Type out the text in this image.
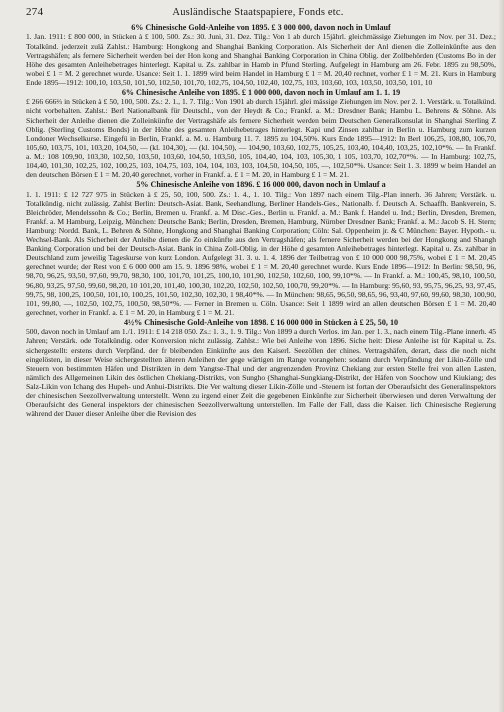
274	Ausländische Staatspapiere, Fonds etc.

6% Chinesische Gold-Anleihe von 1895. £ 3 000 000, davon noch in Umlauf

1. Jan. 1911: £ 800 000, in Stücken à £ 100, 500. Zs.: 30. Juni, 31. Dez. Tilg.: Von 1 ab durch 15jährl. gleichmässige Ziehungen im Nov. per 31. Dez.; Totalkünd. jederzeit zulä Zahlst.: Hamburg: Hongkong and Shanghai Banking Corporation. Als Sicherheit der Anl dienen die Zolleinkünfte aus den Vertragshäfen; als fernere Sicherheit werden bei der Hon kong and Shanghai Banking Corporation in China Oblig. der Zollbehörden (Customs Bo in der Höhe des gesamten Anleihebetrages hinterlegt. Kapital u. Zs. zahlbar in Hamb in Pfund Sterling. Aufgelegt in Hamburg am 26. Febr. 1895 zu 98,50%, wobei £ 1 = M. 2 gerechnet wurde. Usance: Seit 1. 1. 1899 wird beim Handel in Hamburg £ 1 = M. 20,40 rechnet, vorher £ 1 = M. 21. Kurs in Hamburg Ende 1895—1912: 100,10, 103,50, 101,50, 102,50, 101,70, 102,75, 104,50, 102,40, 102,75, 103, 103,60, 103, 103,50, 103,50, 101, 10

6% Chinesische Anleihe von 1895. £ 1 000 000, davon noch in Umlauf am 1. 1. 19

£ 266 666⅔ in Stücken à £ 50, 100, 500. Zs.: 2. 1., 1. 7. Tilg.: Von 1901 ab durch 15jährl. glei mässige Ziehungen im Nov. per 2. 1. Verstärk. u. Totalkünd. nicht vorbehalten. Zahlst.: Berl Nationalbank für Deutschl., von der Heydt & Co.; Frankf. a. M.: Dresdner Bank; Hambu L. Behrens & Söhne. Als Sicherheit der Anleihe dienen die Zolleinkünfte der Vertragshäfe als fernere Sicherheit werden beim Deutschen Generalkonsulat in Shanghai Sterling Z Oblig. (Sterling Customs Bonds) in der Höhe des gesamten Anleihebetrages hinterlegt. Kapi und Zinsen zahlbar in Berlin u. Hamburg zum kurzen Londoner Wechselkurse. Eingefü in Berlin, Frankf. a. M. u. Hamburg 11. 7. 1895 zu 104,50%. Kurs Ende 1895—1912: In Berl 106,25, 108,80, 106,70, 105,60, 103,75, 101, 103,20, 104,50, — (kl. 104,30), — (kl. 104,50), — 104,90, 103,60, 102,75, 105,25, 103,40, 104,40, 103,25, 102,10*%. — In Frankf. a. M.: 108 109,90, 103,30, 102,50, 103,50, 103,60, 104,50, 103,50, 105, 104,40, 104, 103, 105,30, 1 105, 103,70, 102,70*%. — In Hamburg: 102,75, 104,40, 101,30, 102,25, 102, 100,25, 103, 104,75, 103, 104, 104, 103, 103, 104,50, 104,50, 105, —, 102,50*%. Usance: Seit 1. 3. 1899 w beim Handel an den deutschen Börsen £ 1 = M. 20,40 gerechnet, vorher in Frankf. a. £ 1 = M. 20, in Hamburg £ 1 = M. 21.

5% Chinesische Anleihe von 1896. £ 16 000 000, davon noch in Umlauf a

1. 1. 1911: £ 12 727 975 in Stücken à £ 25, 50, 100, 500. Zs.: 1. 4., 1. 10. Tilg.: Von 1897 nach einem Tilg.-Plan innerh. 36 Jahren; Verstärk. u. Totalkündig. nicht zulässig. Zahlst Berlin: Deutsch-Asiat. Bank, Seehandlung, Berliner Handels-Ges., Nationalb. f. Deutsch A. Schaaffh. Bankverein, S. Bleichröder, Mendelssohn & Co.; Berlin, Bremen u. Frankf. a. M Disc.-Ges., Berlin u. Frankf. a. M.: Bank f. Handel u. Ind.; Berlin, Dresden, Bremen, Frankf. a. M Hamburg, Leipzig, München: Deutsche Bank; Berlin, Dresden, Bremen, Hamburg, Nürnber Dresdner Bank; Frankf. a. M.: Jacob S. H. Stern; Hamburg: Nordd. Bank, L. Behren & Söhne, Hongkong and Shanghai Banking Corporation; Cöln: Sal. Oppenheim jr. & C München: Bayer. Hypoth.- u. Wechsel-Bank. Als Sicherheit der Anleihe dienen die Zo einkünfte aus den Vertragshäfen; als fernere Sicherheit werden bei der Hongkong and Shangh Banking Corporation und bei der Deutsch-Asiat. Bank in China Zoll-Oblig. in der Höhe d gesamten Anleihebetrages hinterlegt. Kapital u. Zs. zahlbar in Deutschland zum jeweilig Tageskurse von kurz London. Aufgelegt 31. 3. u. 1. 4. 1896 der Teilbetrag von £ 10 000 000 98,75%, wobei £ 1 = M. 20,45 gerechnet wurde; der Rest von £ 6 000 000 am 15. 9. 1896 98%, wobei £ 1 = M. 20,40 gerechnet wurde. Kurs Ende 1896—1912: In Berlin: 98,50, 96, 98,70, 96,25, 93,50, 97,60, 99,70, 98,30, 100, 101,70, 101,25, 100,10, 101,90, 102,50, 102,60, 100, 99,10*%. — In Frankf. a. M.: 100,45, 98,10, 100,50, 96,80, 93,25, 97,50, 99,60, 98,20, 10 101,20, 101,40, 100,30, 102,20, 102,50, 102,50, 100,70, 99,20*%. — In Hamburg: 95,60, 93, 95,75, 96,25, 93, 97,45, 99,75, 98, 100,25, 100,50, 101,10, 100,25, 101,50, 102,30, 102,30, 1 98,40*%. — In München: 98,65, 96,50, 98,65, 96, 93,40, 97,60, 99,60, 98,30, 100,90, 101, 99,80, —, 102,50, 102,75, 100,50, 98,50*%. — Ferner in Bremen u. Cöln. Usance: Seit 1 1899 wird an allen deutschen Börsen £ 1 = M. 20,40 gerechnet, vorher in Frankf. a. £ 1 = M. 20, in Hamburg £ 1 = M. 21.

4½% Chinesische Gold-Anleihe von 1898. £ 16 000 000 in Stücken à £ 25, 50, 10

500, davon noch in Umlauf am 1./1. 1911: £ 14 218 050. Zs.: 1. 3., 1. 9. Tilg.: Von 1899 a durch Verlos. im Jan. per 1. 3., nach einem Tilg.-Plane innerh. 45 Jahren; Verstärk. ode Totalkündig. oder Konversion nicht zulässig. Zahlst.: Wie bei Anleihe von 1896. Siche heit: Diese Anleihe ist für Kapital u. Zs. sichergestellt: erstens durch Verpfänd. der fr bleibenden Einkünfte aus den Kaiserl. Seezöllen der chines. Vertragshäfen, derart, dass die noch nicht eingelösten, in dieser Weise sichergestellten älteren Anleihen der gege wärtigen im Range vorangehen: sodann durch Verpfändung der Likin-Zölle und Steuern von bestimmten Häfen und Distrikten in dem Yangtse-Thal und der angrenzenden Provinz Chekiang zur ersten Stelle frei von allen Lasten, nämlich des Allgemeinen Likin des östlichen Chekiang-Distrikts, von Sungho (Shanghai-Sungkiang-Distrikt, der Häfen von Soochow und Kiukiang; des Salz-Likin von Ichang des Hupeh- und Anhui-Distrikts. Die Ver waltung dieser Likin-Zölle und -Steuern ist fortan der Oberaufsicht des Generalinspektors der chinesischen Seezollverwaltung unterstellt. Wenn zu irgend einer Zeit die gegebenen Einkünfte zur Sicherheit überwiesen und deren Verwaltung der Oberaufsicht des General inspektors der chinesischen Seezollverwaltung unterstellen. Im Falle der Fall, dass die Kaiser. lich Chinesische Regierung während der Dauer dieser Anleihe über die Revision des
